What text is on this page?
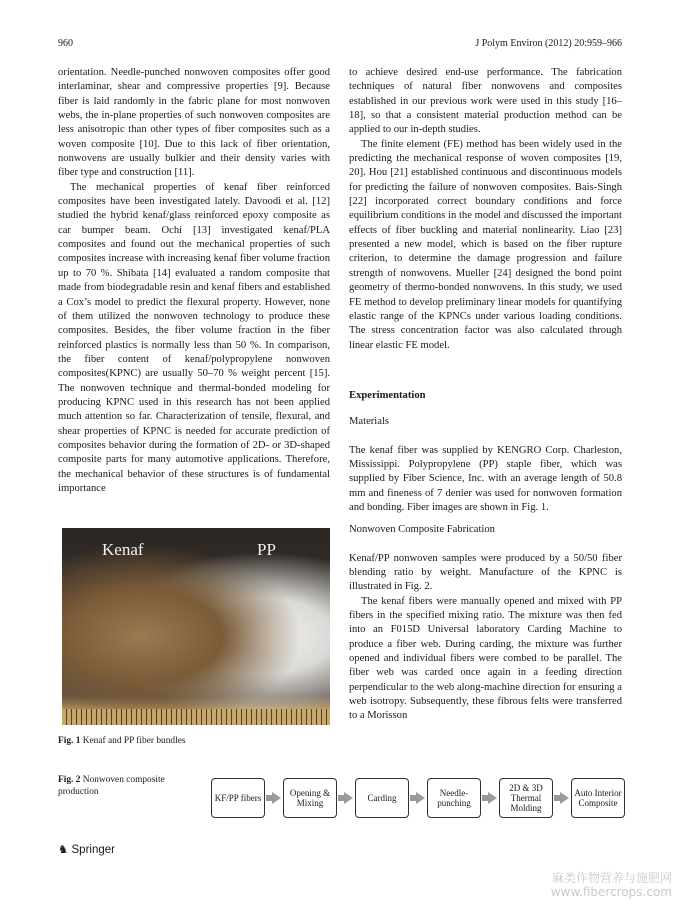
960	J Polym Environ (2012) 20:959–966

orientation. Needle-punched nonwoven composites offer good interlaminar, shear and compressive properties [9]. Because fiber is laid randomly in the fabric plane for most nonwoven webs, the in-plane properties of such nonwoven composites are less anisotropic than other types of fiber composites such as a woven composite [10]. Due to this lack of fiber orientation, nonwovens are usually bulkier and their density varies with fiber type and construction [11].

The mechanical properties of kenaf fiber reinforced composites have been investigated lately. Davoodi et al. [12] studied the hybrid kenaf/glass reinforced epoxy composite as car bumper beam. Ochi [13] investigated kenaf/PLA composites and found out the mechanical properties of such composites increase with increasing kenaf fiber volume fraction up to 70 %. Shibata [14] evaluated a random composite that made from biodegradable resin and kenaf fibers and established a Cox’s model to predict the flexural property. However, none of them utilized the nonwoven technology to produce these composites. Besides, the fiber volume fraction in the fiber reinforced plastics is normally less than 50 %. In comparison, the fiber content of kenaf/polypropylene nonwoven composites(KPNC) are usually 50–70 % weight percent [15]. The nonwoven technique and thermal-bonded modeling for producing KPNC used in this research has not been applied much attention so far. Characterization of tensile, flexural, and shear properties of KPNC is needed for accurate prediction of composites behavior during the formation of 2D- or 3D-shaped composite parts for many automotive applications. Therefore, the mechanical behavior of these structures is of fundamental importance

to achieve desired end-use performance. The fabrication techniques of natural fiber nonwovens and composites established in our previous work were used in this study [16–18], so that a consistent material production method can be applied to our in-depth studies.

The finite element (FE) method has been widely used in the predicting the mechanical response of woven composites [19, 20]. Hou [21] established continuous and discontinuous models for predicting the failure of nonwoven composites. Bais-Singh [22] incorporated correct boundary conditions and force equilibrium conditions in the model and discussed the important effects of fiber buckling and material nonlinearity. Liao [23] presented a new model, which is based on the fiber rupture criterion, to determine the damage progression and failure strength of nonwovens. Mueller [24] designed the bond point geometry of thermo-bonded nonwovens. In this study, we used FE method to develop preliminary linear models for quantifying elastic range of the KPNCs under various loading conditions. The stress concentration factor was also calculated through linear elastic FE model.

Experimentation
Materials

The kenaf fiber was supplied by KENGRO Corp. Charleston, Mississippi. Polypropylene (PP) staple fiber, which was supplied by Fiber Science, Inc. with an average length of 50.8 mm and fineness of 7 denier was used for nonwoven formation and bonding. Fiber images are shown in Fig. 1.

Nonwoven Composite Fabrication

Kenaf/PP nonwoven samples were produced by a 50/50 fiber blending ratio by weight. Manufacture of the KPNC is illustrated in Fig. 2.

The kenaf fibers were manually opened and mixed with PP fibers in the specified mixing ratio. The mixture was then fed into an F015D Universal laboratory Carding Machine to produce a fiber web. During carding, the mixture was further opened and individual fibers were combed to be parallel. The fiber web was carded once again in a feeding direction perpendicular to the web along-machine direction for ensuring a web isotropy. Subsequently, these fibrous felts were transferred to a Morisson

Kenaf	PP
Fig. 1 Kenaf and PP fiber bundles
Fig. 2 Nonwoven composite production
KF/PP fibers	Opening & Mixing	Carding	Needle-punching
2D & 3D Thermal Molding
Auto Interior Composite
♞ Springer
麻类作物营养与施肥网
www.fibercrops.com
